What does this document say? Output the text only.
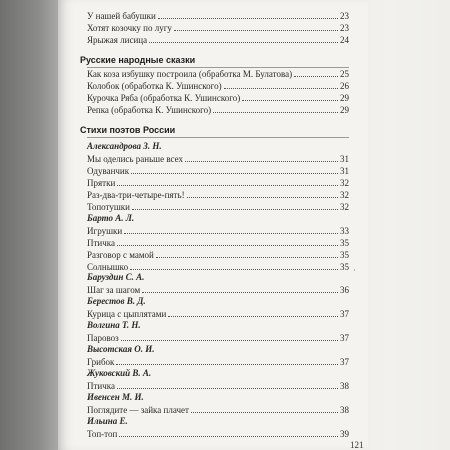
У нашей бабушки	23
Хотят козочку по лугу	23
Ярыжая лисица	24
Русские народные сказки
Как коза избушку построила (обработка М. Булатова)	25
Колобок (обработка К. Ушинского)	26
Курочка Ряба (обработка К. Ушинского)	29
Репка (обработка К. Ушинского)	29
Стихи поэтов России
Александрова З. Н.
Мы оделись раньше всех	31
Одуванчик	31
Прятки	32
Раз-два-три-четыре-пять!	32
Топотушки	32
Барто А. Л.
Игрушки	33
Птичка	35
Разговор с мамой	35
Солнышко	35
Баруздин С. А.
Шаг за шагом	36
Берестов В. Д.
Курица с цыплятами	37
Волгина Т. Н.
Паровоз	37
Высотская О. И.
Грибок	37
Жуковский В. А.
Птичка	38
Ивенсен М. И.
Поглядите — зайка плачет	38
Ильина Е.
Топ-топ	39
·
121
